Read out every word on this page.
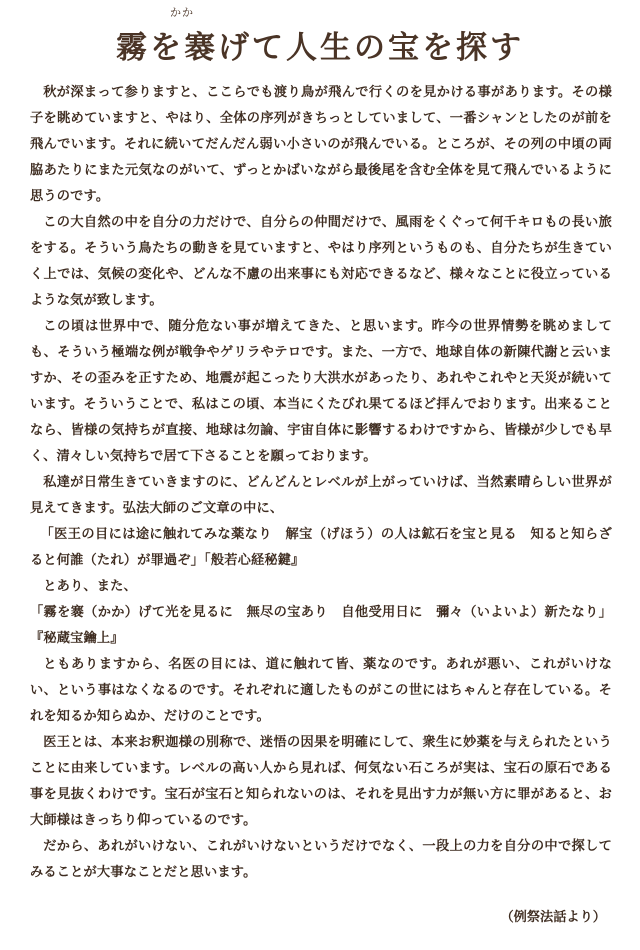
かか
霧を褰げて人生の宝を探す

秋が深まって参りますと、ここらでも渡り鳥が飛んで行くのを見かける事があります。その様子を眺めていますと、やはり、全体の序列がきちっとしていまして、一番シャンとしたのが前を飛んでいます。それに続いてだんだん弱い小さいのが飛んでいる。ところが、その列の中頃の両脇あたりにまた元気なのがいて、ずっとかばいながら最後尾を含む全体を見て飛んでいるように思うのです。

この大自然の中を自分の力だけで、自分らの仲間だけで、風雨をくぐって何千キロもの長い旅をする。そういう鳥たちの動きを見ていますと、やはり序列というものも、自分たちが生きていく上では、気候の変化や、どんな不慮の出来事にも対応できるなど、様々なことに役立っているような気が致します。

この頃は世界中で、随分危ない事が増えてきた、と思います。昨今の世界情勢を眺めましても、そういう極端な例が戦争やゲリラやテロです。また、一方で、地球自体の新陳代謝と云いますか、その歪みを正すため、地震が起こったり大洪水があったり、あれやこれやと天災が続いています。そういうことで、私はこの頃、本当にくたびれ果てるほど拝んでおります。出来ることなら、皆様の気持ちが直接、地球は勿論、宇宙自体に影響するわけですから、皆様が少しでも早く、清々しい気持ちで居て下さることを願っております。

私達が日常生きていきますのに、どんどんとレベルが上がっていけば、当然素晴らしい世界が見えてきます。弘法大師のご文章の中に、

「医王の目には途に触れてみな薬なり　解宝（げほう）の人は鉱石を宝と見る　知ると知らざると何誰（たれ）が罪過ぞ」「般若心経秘鍵』

とあり、また、

「霧を褰（かか）げて光を見るに　無尽の宝あり　自他受用日に　彌々（いよいよ）新たなり」『秘蔵宝鑰上』

ともありますから、名医の目には、道に触れて皆、薬なのです。あれが悪い、これがいけない、という事はなくなるのです。それぞれに適したものがこの世にはちゃんと存在している。それを知るか知らぬか、だけのことです。

医王とは、本来お釈迦様の別称で、迷悟の因果を明確にして、衆生に妙薬を与えられたということに由来しています。レベルの高い人から見れば、何気ない石ころが実は、宝石の原石である事を見抜くわけです。宝石が宝石と知られないのは、それを見出す力が無い方に罪があると、お大師様はきっちり仰っているのです。

だから、あれがいけない、これがいけないというだけでなく、一段上の力を自分の中で探してみることが大事なことだと思います。

（例祭法話より）
